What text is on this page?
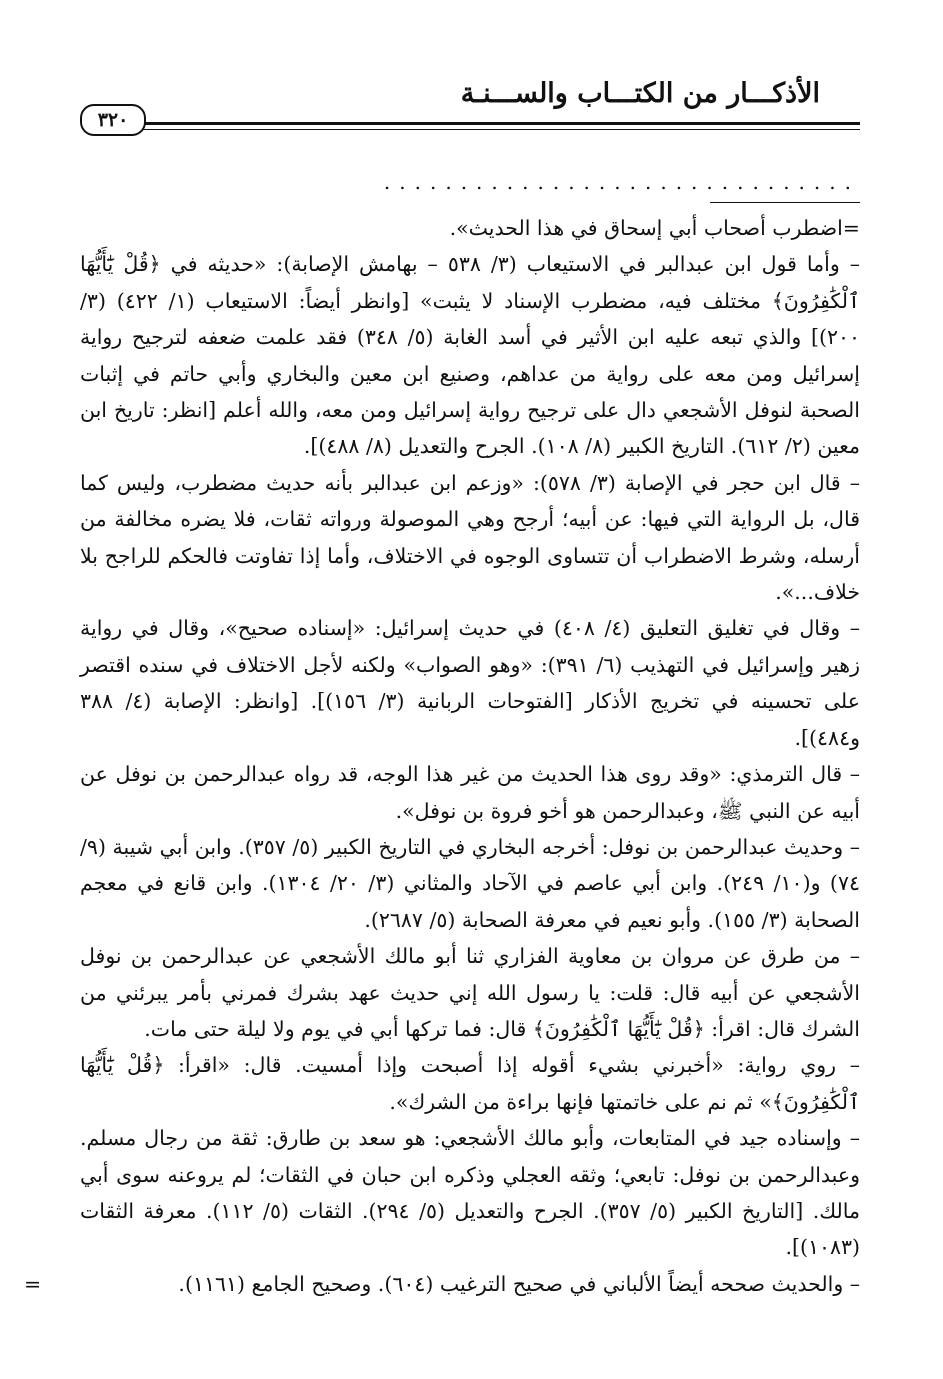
الأذكـــار من الكتـــاب والســـنـة
٣٢٠
...............................

=اضطرب أصحاب أبي إسحاق في هذا الحديث».

– وأما قول ابن عبدالبر في الاستيعاب (٣/ ٥٣٨ – بهامش الإصابة): «حديثه في ﴿قُلْ يَٰٓأَيُّهَا ٱلْكَٰفِرُونَ﴾ مختلف فيه، مضطرب الإسناد لا يثبت» [وانظر أيضاً: الاستيعاب (١/ ٤٢٢) (٣/ ٢٠٠)] والذي تبعه عليه ابن الأثير في أسد الغابة (٥/ ٣٤٨) فقد علمت ضعفه لترجيح رواية إسرائيل ومن معه على رواية من عداهم، وصنيع ابن معين والبخاري وأبي حاتم في إثبات الصحبة لنوفل الأشجعي دال على ترجيح رواية إسرائيل ومن معه، والله أعلم [انظر: تاريخ ابن معين (٢/ ٦١٢). التاريخ الكبير (٨/ ١٠٨). الجرح والتعديل (٨/ ٤٨٨)].

– قال ابن حجر في الإصابة (٣/ ٥٧٨): «وزعم ابن عبدالبر بأنه حديث مضطرب، وليس كما قال، بل الرواية التي فيها: عن أبيه؛ أرجح وهي الموصولة ورواته ثقات، فلا يضره مخالفة من أرسله، وشرط الاضطراب أن تتساوى الوجوه في الاختلاف، وأما إذا تفاوتت فالحكم للراجح بلا خلاف...».

– وقال في تغليق التعليق (٤/ ٤٠٨) في حديث إسرائيل: «إسناده صحيح»، وقال في رواية زهير وإسرائيل في التهذيب (٦/ ٣٩١): «وهو الصواب» ولكنه لأجل الاختلاف في سنده اقتصر على تحسينه في تخريج الأذكار [الفتوحات الربانية (٣/ ١٥٦)]. [وانظر: الإصابة (٤/ ٣٨٨ و٤٨٤)].

– قال الترمذي: «وقد روى هذا الحديث من غير هذا الوجه، قد رواه عبدالرحمن بن نوفل عن أبيه عن النبي ﷺ، وعبدالرحمن هو أخو فروة بن نوفل».

– وحديث عبدالرحمن بن نوفل: أخرجه البخاري في التاريخ الكبير (٥/ ٣٥٧). وابن أبي شيبة (٩/ ٧٤) و(١٠/ ٢٤٩). وابن أبي عاصم في الآحاد والمثاني (٣/ ٢٠/ ١٣٠٤). وابن قانع في معجم الصحابة (٣/ ١٥٥). وأبو نعيم في معرفة الصحابة (٥/ ٢٦٨٧).

– من طرق عن مروان بن معاوية الفزاري ثنا أبو مالك الأشجعي عن عبدالرحمن بن نوفل الأشجعي عن أبيه قال: قلت: يا رسول الله إني حديث عهد بشرك فمرني بأمر يبرئني من الشرك قال: اقرأ: ﴿قُلْ يَٰٓأَيُّهَا ٱلْكَٰفِرُونَ﴾ قال: فما تركها أبي في يوم ولا ليلة حتى مات.

– روي رواية: «أخبرني بشيء أقوله إذا أصبحت وإذا أمسيت. قال: «اقرأ: ﴿قُلْ يَٰٓأَيُّهَا ٱلْكَٰفِرُونَ﴾» ثم نم على خاتمتها فإنها براءة من الشرك».

– وإسناده جيد في المتابعات، وأبو مالك الأشجعي: هو سعد بن طارق: ثقة من رجال مسلم. وعبدالرحمن بن نوفل: تابعي؛ وثقه العجلي وذكره ابن حبان في الثقات؛ لم يروعنه سوى أبي مالك. [التاريخ الكبير (٥/ ٣٥٧). الجرح والتعديل (٥/ ٢٩٤). الثقات (٥/ ١١٢). معرفة الثقات (١٠٨٣)].

– والحديث صححه أيضاً الألباني في صحيح الترغيب (٦٠٤). وصحيح الجامع (١١٦١).
=
